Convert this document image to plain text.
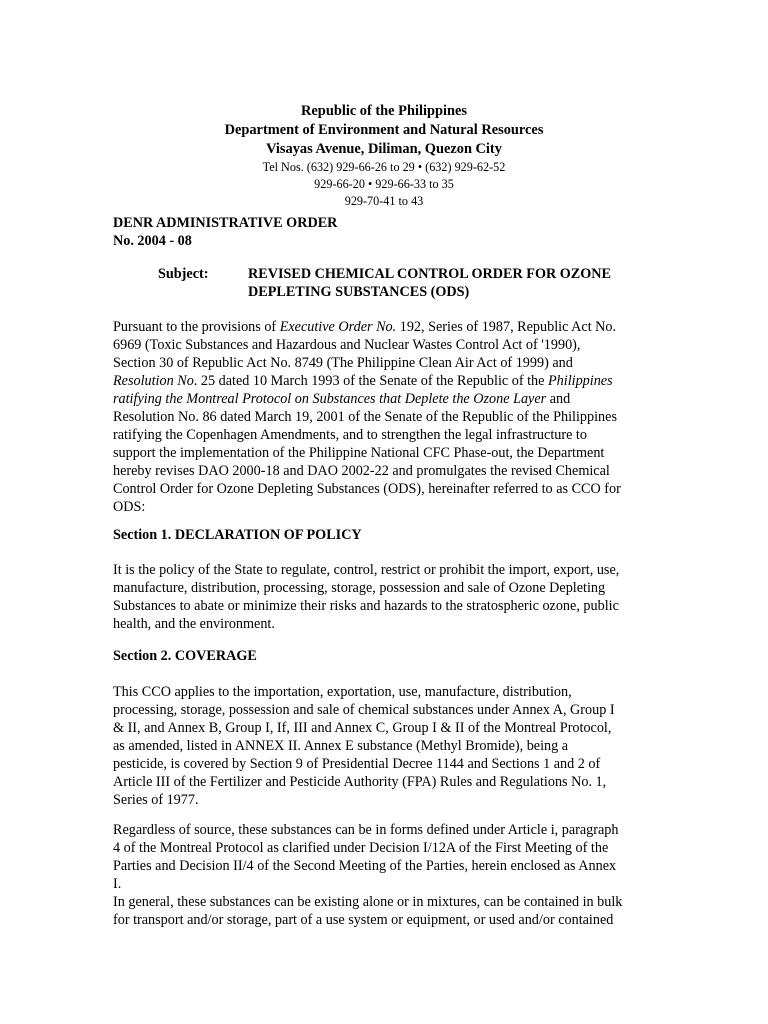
Republic of the Philippines
Department of Environment and Natural Resources
Visayas Avenue, Diliman, Quezon City
Tel Nos. (632) 929-66-26 to 29 • (632) 929-62-52
929-66-20 • 929-66-33 to 35
929-70-41 to 43
DENR ADMINISTRATIVE ORDER
No. 2004 - 08
Subject:	REVISED CHEMICAL CONTROL ORDER FOR OZONE
DEPLETING SUBSTANCES (ODS)
Pursuant to the provisions of Executive Order No. 192, Series of 1987, Republic Act No.
6969 (Toxic Substances and Hazardous and Nuclear Wastes Control Act of '1990),
Section 30 of Republic Act No. 8749 (The Philippine Clean Air Act of 1999) and
Resolution No. 25 dated 10 March 1993 of the Senate of the Republic of the Philippines
ratifying the Montreal Protocol on Substances that Deplete the Ozone Layer and
Resolution No. 86 dated March 19, 2001 of the Senate of the Republic of the Philippines
ratifying the Copenhagen Amendments, and to strengthen the legal infrastructure to
support the implementation of the Philippine National CFC Phase-out, the Department
hereby revises DAO 2000-18 and DAO 2002-22 and promulgates the revised Chemical
Control Order for Ozone Depleting Substances (ODS), hereinafter referred to as CCO for
ODS:
Section 1. DECLARATION OF POLICY
It is the policy of the State to regulate, control, restrict or prohibit the import, export, use,
manufacture, distribution, processing, storage, possession and sale of Ozone Depleting
Substances to abate or minimize their risks and hazards to the stratospheric ozone, public
health, and the environment.
Section 2. COVERAGE
This CCO applies to the importation, exportation, use, manufacture, distribution,
processing, storage, possession and sale of chemical substances under Annex A, Group I
& II, and Annex B, Group I, If, III and Annex C, Group I & II of the Montreal Protocol,
as amended, listed in ANNEX II. Annex E substance (Methyl Bromide), being a
pesticide, is covered by Section 9 of Presidential Decree 1144 and Sections 1 and 2 of
Article III of the Fertilizer and Pesticide Authority (FPA) Rules and Regulations No. 1,
Series of 1977.
Regardless of source, these substances can be in forms defined under Article i, paragraph
4 of the Montreal Protocol as clarified under Decision I/12A of the First Meeting of the
Parties and Decision II/4 of the Second Meeting of the Parties, herein enclosed as Annex
I.
In general, these substances can be existing alone or in mixtures, can be contained in bulk
for transport and/or storage, part of a use system or equipment, or used and/or contained
